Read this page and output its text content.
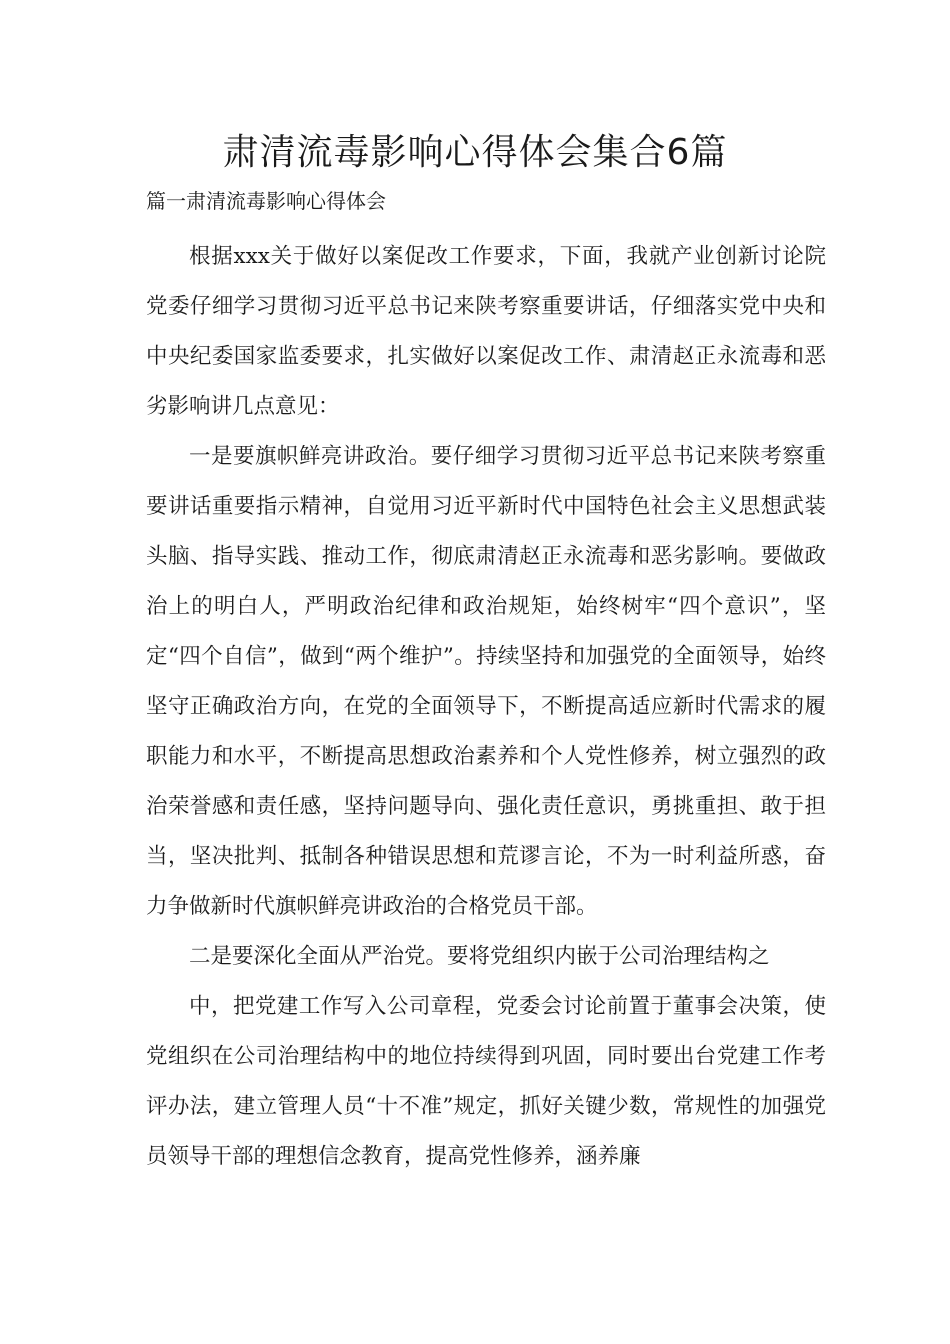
肃清流毒影响心得体会集合6篇
篇一肃清流毒影响心得体会

根据xxx关于做好以案促改工作要求，下面，我就产业创新讨论院党委仔细学习贯彻习近平总书记来陕考察重要讲话，仔细落实党中央和中央纪委国家监委要求，扎实做好以案促改工作、肃清赵正永流毒和恶劣影响讲几点意见：

一是要旗帜鲜亮讲政治。要仔细学习贯彻习近平总书记来陕考察重要讲话重要指示精神，自觉用习近平新时代中国特色社会主义思想武装头脑、指导实践、推动工作，彻底肃清赵正永流毒和恶劣影响。要做政治上的明白人，严明政治纪律和政治规矩，始终树牢“四个意识”，坚定“四个自信”，做到“两个维护”。持续坚持和加强党的全面领导，始终坚守正确政治方向，在党的全面领导下，不断提高适应新时代需求的履职能力和水平，不断提高思想政治素养和个人党性修养，树立强烈的政治荣誉感和责任感，坚持问题导向、强化责任意识，勇挑重担、敢于担当，坚决批判、抵制各种错误思想和荒谬言论，不为一时利益所惑，奋力争做新时代旗帜鲜亮讲政治的合格党员干部。

二是要深化全面从严治党。要将党组织内嵌于公司治理结构之

中，把党建工作写入公司章程，党委会讨论前置于董事会决策，使党组织在公司治理结构中的地位持续得到巩固，同时要出台党建工作考评办法，建立管理人员“十不准”规定，抓好关键少数，常规性的加强党员领导干部的理想信念教育，提高党性修养，涵养廉
